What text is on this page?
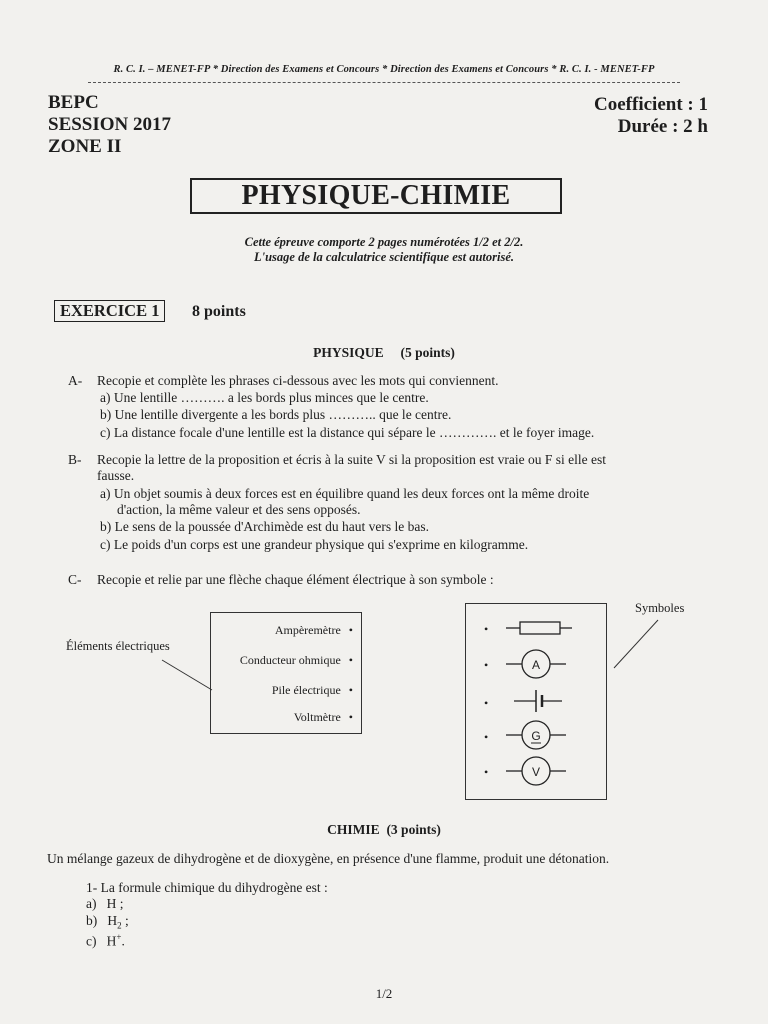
R. C. I. – MENET-FP * Direction des Examens et Concours * Direction des Examens et Concours * R. C. I. - MENET-FP
BEPC
SESSION 2017
ZONE II
Coefficient : 1
Durée : 2 h
PHYSIQUE-CHIMIE
Cette épreuve comporte 2 pages numérotées 1/2 et 2/2.
L'usage de la calculatrice scientifique est autorisé.
EXERCICE 1	8 points
PHYSIQUE (5 points)
A- Recopie et complète les phrases ci-dessous avec les mots qui conviennent.
a) Une lentille ………. a les bords plus minces que le centre.
b) Une lentille divergente a les bords plus ……….. que le centre.
c) La distance focale d'une lentille est la distance qui sépare le …………. et le foyer image.
B- Recopie la lettre de la proposition et écris à la suite V si la proposition est vraie ou F si elle est
fausse.
a) Un objet soumis à deux forces est en équilibre quand les deux forces ont la même droite
d'action, la même valeur et des sens opposés.
b) Le sens de la poussée d'Archimède est du haut vers le bas.
c) Le poids d'un corps est une grandeur physique qui s'exprime en kilogramme.
C- Recopie et relie par une flèche chaque élément électrique à son symbole :
Éléments électriques
Symboles
Ampèremètre •
Conducteur ohmique •
Pile électrique •
Voltmètre •
•
•
•
•
•
A
G
V
CHIMIE (3 points)
Un mélange gazeux de dihydrogène et de dioxygène, en présence d'une flamme, produit une détonation.
1- La formule chimique du dihydrogène est :
a) H ;
b) $H_2$ ;
c) H+.
1/2
